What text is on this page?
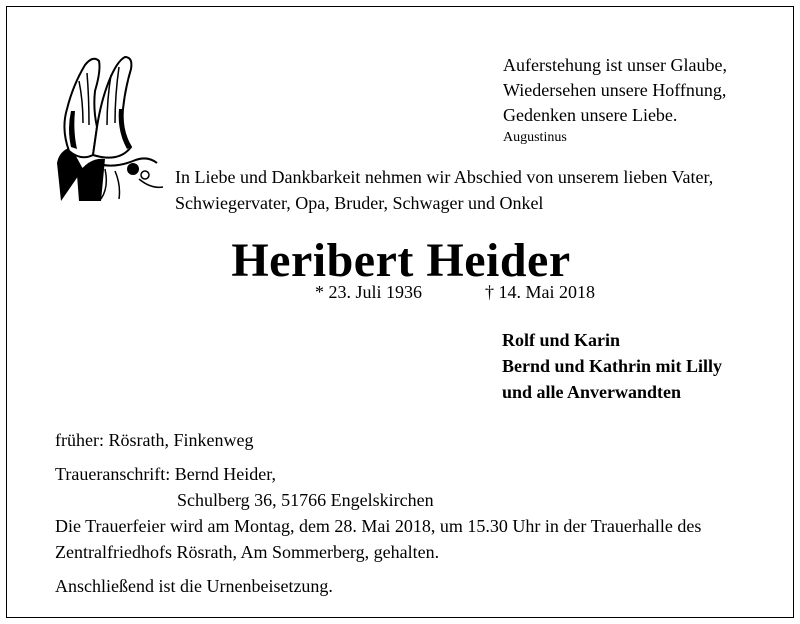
Auferstehung ist unser Glaube,
Wiedersehen unsere Hoffnung,
Gedenken unsere Liebe.
Augustinus
In Liebe und Dankbarkeit nehmen wir Abschied von unserem lieben Vater,
Schwiegervater, Opa, Bruder, Schwager und Onkel
Heribert Heider
* 23. Juli 1936	† 14. Mai 2018
Rolf und Karin
Bernd und Kathrin mit Lilly
und alle Anverwandten
früher: Rösrath, Finkenweg
Traueranschrift: Bernd Heider,
Schulberg 36, 51766 Engelskirchen
Die Trauerfeier wird am Montag, dem 28. Mai 2018, um 15.30 Uhr in der Trauerhalle des
Zentralfriedhofs Rösrath, Am Sommerberg, gehalten.
Anschließend ist die Urnenbeisetzung.
